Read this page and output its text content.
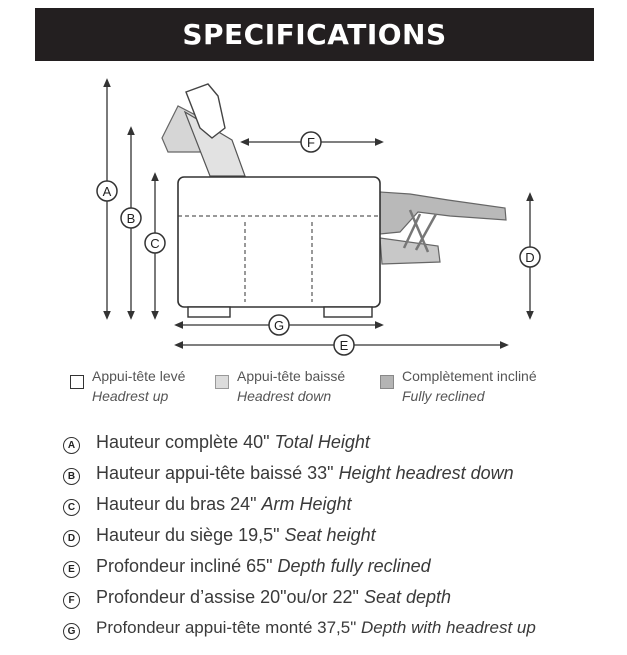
SPECIFICATIONS
A
B
C
D
E
F
G
Appui-tête levé
Headrest up
Appui-tête baissé
Headrest down
Complètement incliné
Fully reclined
A Hauteur complète 40" Total Height
B Hauteur appui-tête baissé 33" Height headrest down
C Hauteur du bras 24" Arm Height
D Hauteur du siège 19,5" Seat height
E Profondeur incliné 65" Depth fully reclined
F	Profondeur d’assise 20"ou/or 22" Seat depth
G Profondeur appui-tête monté 37,5" Depth with headrest up
